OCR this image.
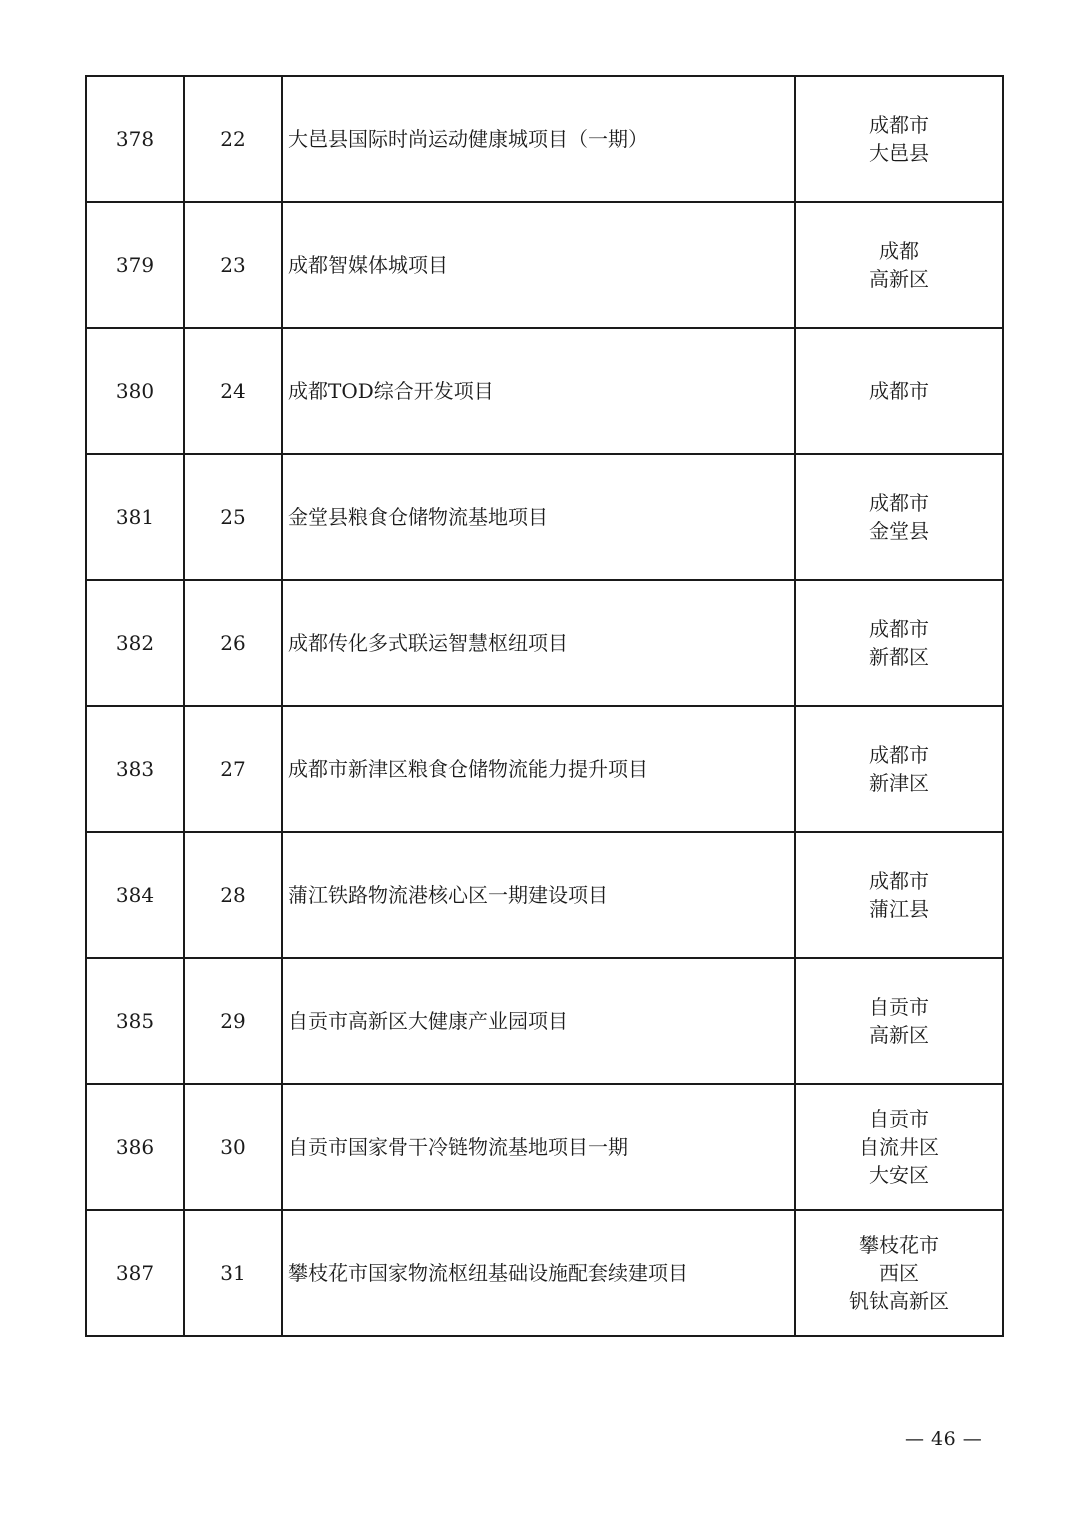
378	22	大邑县国际时尚运动健康城项目（一期）	成都市
大邑县

379	23	成都智媒体城项目	成都
高新区

380	24	成都TOD综合开发项目	成都市

381	25	金堂县粮食仓储物流基地项目	成都市
金堂县

382	26	成都传化多式联运智慧枢纽项目	成都市
新都区

383	27	成都市新津区粮食仓储物流能力提升项目	成都市
新津区

384	28	蒲江铁路物流港核心区一期建设项目	成都市
蒲江县

385	29	自贡市高新区大健康产业园项目	自贡市
高新区

386	30	自贡市国家骨干冷链物流基地项目一期	自贡市
自流井区
大安区

387	31	攀枝花市国家物流枢纽基础设施配套续建项目	攀枝花市
西区
钒钛高新区
— 46 —
